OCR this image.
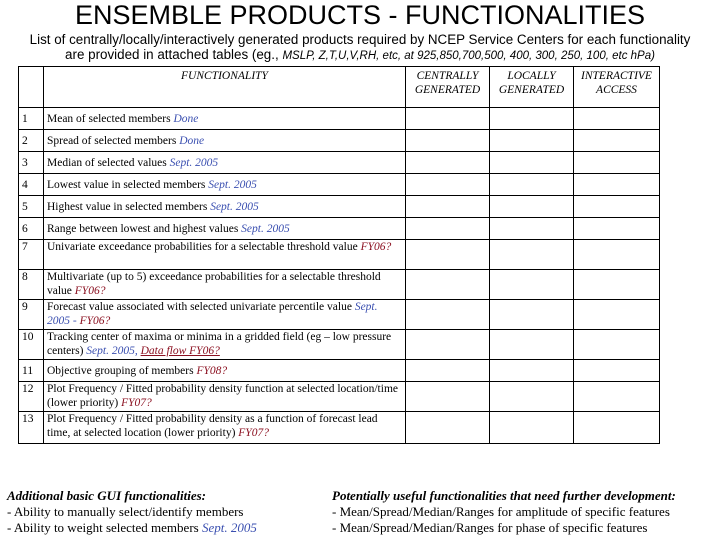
ENSEMBLE PRODUCTS - FUNCTIONALITIES
List of centrally/locally/interactively generated products required by NCEP Service Centers for each functionality
are provided in attached tables (eg., MSLP, Z,T,U,V,RH, etc, at 925,850,700,500, 400, 300, 250, 100, etc hPa)
	FUNCTIONALITY	CENTRALLY GENERATED	LOCALLY GENERATED	INTERACTIVE ACCESS
1	Mean of selected members Done			
2	Spread of selected members Done			
3	Median of selected values Sept. 2005			
4	Lowest value in selected members Sept. 2005			
5	Highest value in selected members Sept. 2005			
6	Range between lowest and highest values Sept. 2005			
7	Univariate exceedance probabilities for a selectable threshold value FY06?			
8	Multivariate (up to 5) exceedance probabilities for a selectable threshold value FY06?			
9	Forecast value associated with selected univariate percentile value Sept. 2005 - FY06?			
10	Tracking center of maxima or minima in a gridded field (eg – low pressure centers) Sept. 2005, Data flow FY06?			
11	Objective grouping of members FY08?			
12	Plot Frequency / Fitted probability density function at selected location/time (lower priority) FY07?			
13	Plot Frequency / Fitted probability density as a function of forecast lead time, at selected location (lower priority) FY07?			
Additional basic GUI functionalities:
- Ability to manually select/identify members
- Ability to weight selected members Sept. 2005
Potentially useful functionalities that need further development:
- Mean/Spread/Median/Ranges for amplitude of specific features
- Mean/Spread/Median/Ranges for phase of specific features
